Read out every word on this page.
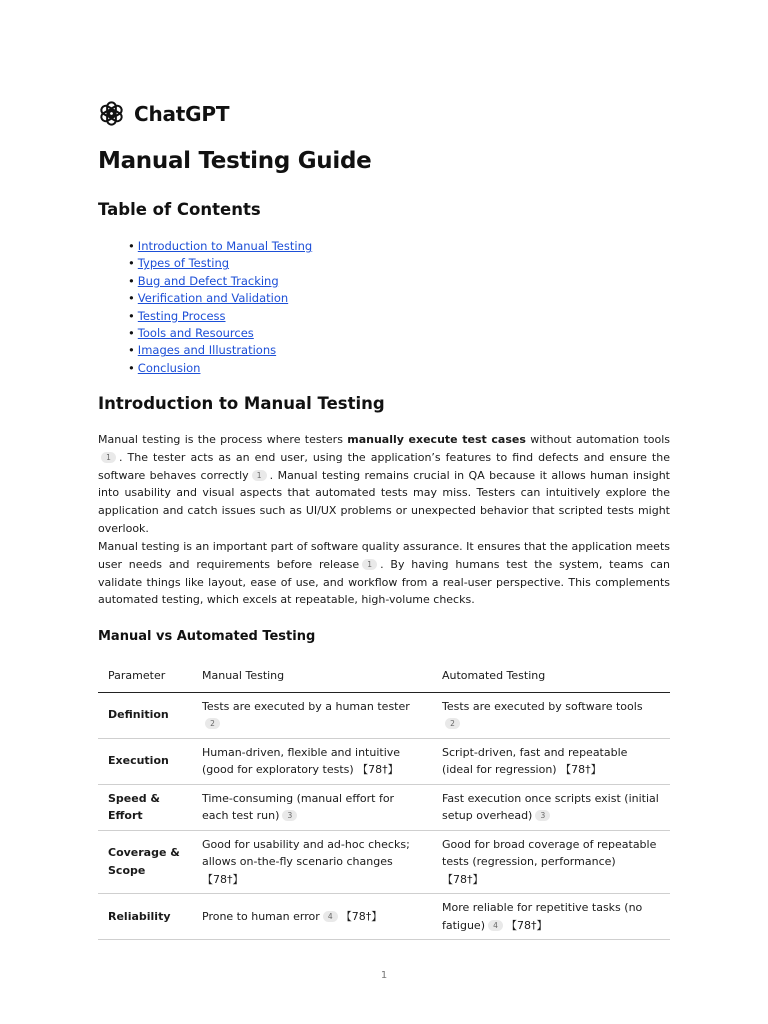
ChatGPT
Manual Testing Guide
Table of Contents
• Introduction to Manual Testing
• Types of Testing
• Bug and Defect Tracking
• Verification and Validation
• Testing Process
• Tools and Resources
• Images and Illustrations
• Conclusion
Introduction to Manual Testing

Manual testing is the process where testers manually execute test cases without automation tools1 . The tester acts as an end user, using the application’s features to find defects and ensure the software behaves correctly 1 . Manual testing remains crucial in QA because it allows human insight into usability and visual aspects that automated tests may miss. Testers can intuitively explore the application and catch issues such as UI/UX problems or unexpected behavior that scripted tests might overlook.

Manual testing is an important part of software quality assurance. It ensures that the application meets user needs and requirements before release 1 . By having humans test the system, teams can validate things like layout, ease of use, and workflow from a real-user perspective. This complements automated testing, which excels at repeatable, high-volume checks.

Manual vs Automated Testing
Parameter	Manual Testing	Automated Testing
Definition	Tests are executed by a human tester2	Tests are executed by software tools2
Execution	Human-driven, flexible and intuitive (good for exploratory tests) 【78†】	Script-driven, fast and repeatable (ideal for regression) 【78†】
Speed & Effort	Time-consuming (manual effort for each test run) 3	Fast execution once scripts exist (initial setup overhead) 3
Coverage & Scope	Good for usability and ad-hoc checks; allows on-the-fly scenario changes 【78†】	Good for broad coverage of repeatable tests (regression, performance) 【78†】
Reliability	Prone to human error 4 【78†】	More reliable for repetitive tasks (no fatigue) 4 【78†】
1
